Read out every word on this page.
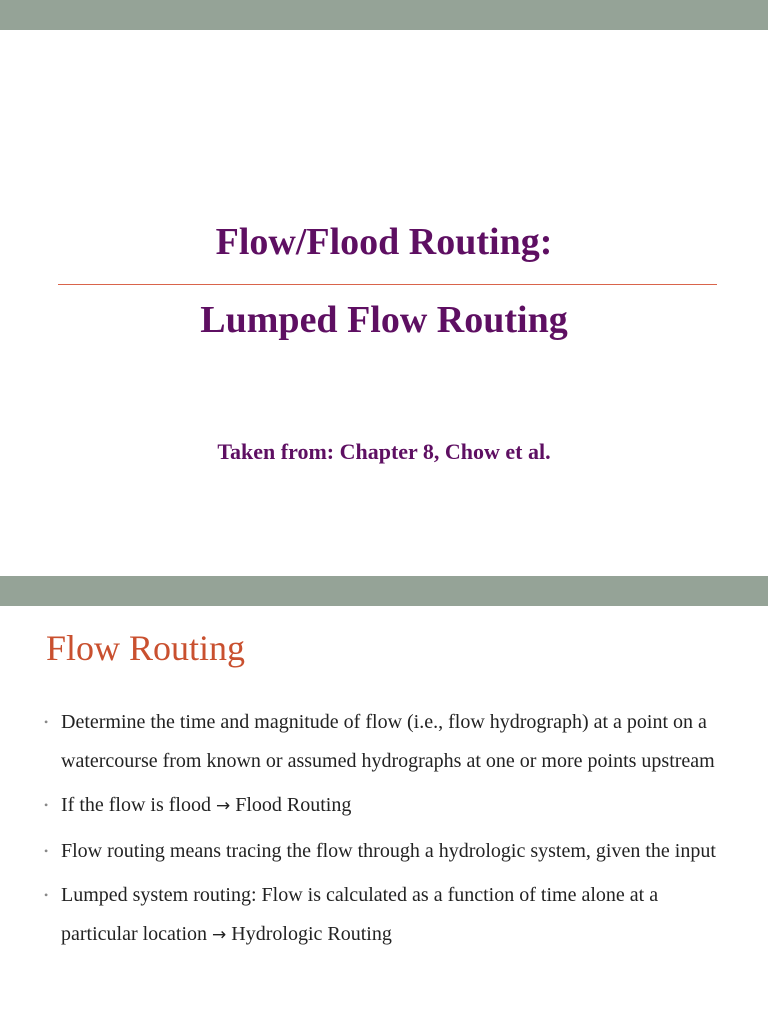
Flow/Flood Routing:
Lumped Flow Routing
Taken from: Chapter 8, Chow et al.
Flow Routing
• Determine the time and magnitude of flow (i.e., flow hydrograph) at a point on a watercourse from known or assumed hydrographs at one or more points upstream
• If the flow is flood → Flood Routing
• Flow routing means tracing the flow through a hydrologic system, given the input
• Lumped system routing: Flow is calculated as a function of time alone at a particular location → Hydrologic Routing
